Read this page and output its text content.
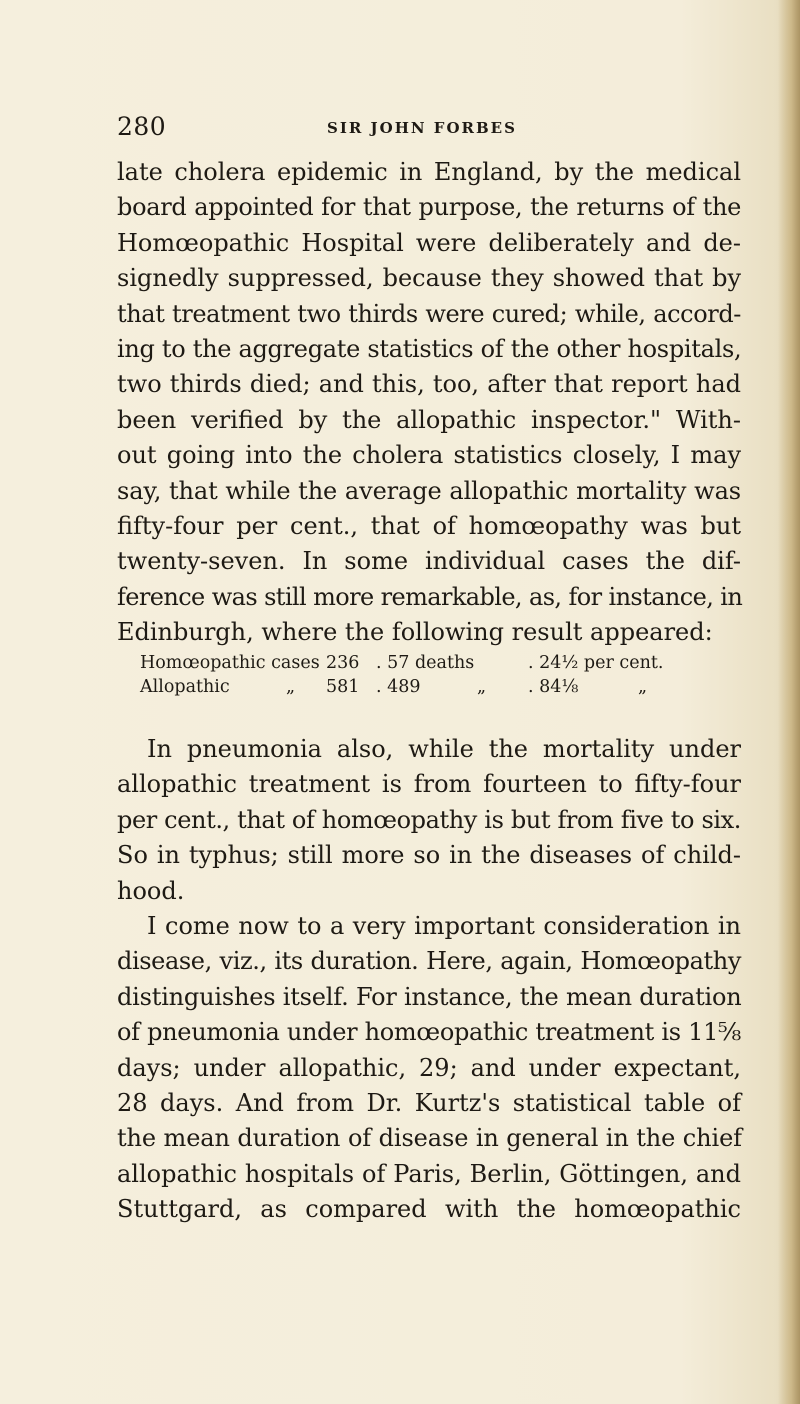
280	SIR JOHN FORBES
late cholera epidemic in England, by the medical
board appointed for that purpose, the returns of the
Homœopathic Hospital were deliberately and de-
signedly suppressed, because they showed that by
that treatment two thirds were cured; while, accord-
ing to the aggregate statistics of the other hospitals,
two thirds died; and this, too, after that report had
been verified by the allopathic inspector." With-
out going into the cholera statistics closely, I may
say, that while the average allopathic mortality was
fifty-four per cent., that of homœopathy was but
twenty-seven. In some individual cases the dif-
ference was still more remarkable, as, for instance, in
Edinburgh, where the following result appeared:
Homœopathic cases 236 . 57 deaths	. 24½ per cent.
Allopathic	„ 581 . 489	„ . 84⅛	„
In pneumonia also, while the mortality under
allopathic treatment is from fourteen to fifty-four
per cent., that of homœopathy is but from five to six.
So in typhus; still more so in the diseases of child-
hood.
I come now to a very important consideration in
disease, viz., its duration. Here, again, Homœopathy
distinguishes itself. For instance, the mean duration
of pneumonia under homœopathic treatment is 11⅝
days; under allopathic, 29; and under expectant,
28 days. And from Dr. Kurtz's statistical table of
the mean duration of disease in general in the chief
allopathic hospitals of Paris, Berlin, Göttingen, and
Stuttgard, as compared with the homœopathic
